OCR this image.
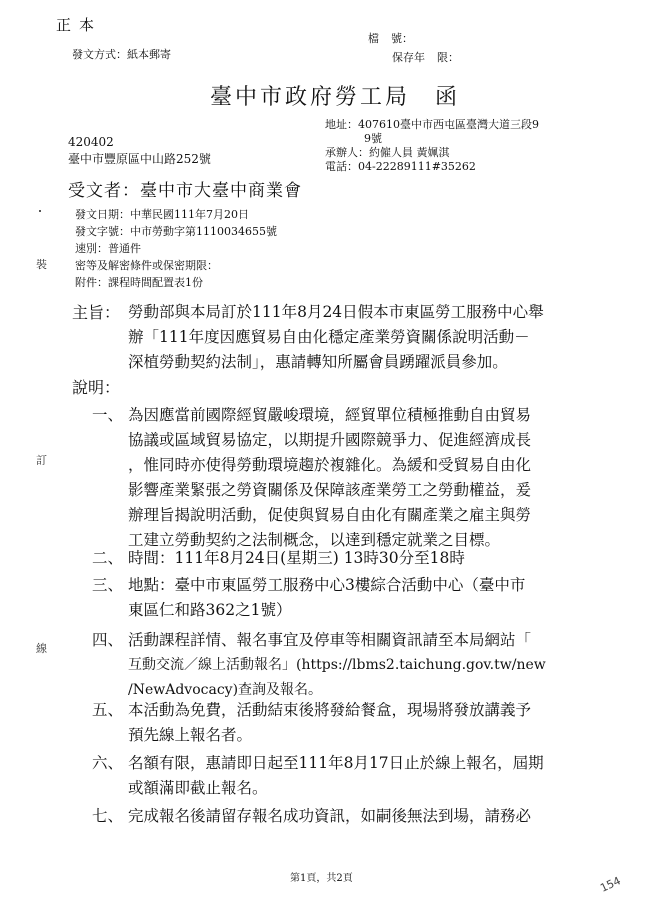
正本
發文方式：紙本郵寄
檔 號：
保存年 限：
臺中市政府勞工局　函
420402
臺中市豐原區中山路252號
地址：407610臺中市西屯區臺灣大道三段9
9號
承辦人：約僱人員 黃姵淇
電話：04-22289111#35262
受文者：臺中市大臺中商業會
發文日期：中華民國111年7月20日
發文字號：中市勞動字第1110034655號
速別：普通件
密等及解密條件或保密期限：
附件：課程時間配置表1份
裝
訂
線
主旨： 勞動部與本局訂於111年8月24日假本市東區勞工服務中心舉
辦「111年度因應貿易自由化穩定產業勞資關係說明活動－
深植勞動契約法制」，惠請轉知所屬會員踴躍派員參加。
說明：
一、 為因應當前國際經貿嚴峻環境，經貿單位積極推動自由貿易
協議或區域貿易協定，以期提升國際競爭力、促進經濟成長
，惟同時亦使得勞動環境趨於複雜化。為緩和受貿易自由化
影響產業緊張之勞資關係及保障該產業勞工之勞動權益，爰
辦理旨揭說明活動，促使與貿易自由化有關產業之雇主與勞
工建立勞動契約之法制概念，以達到穩定就業之目標。
二、 時間：111年8月24日(星期三) 13時30分至18時
三、 地點：臺中市東區勞工服務中心3樓綜合活動中心（臺中市
東區仁和路362之1號）
四、 活動課程詳情、報名事宜及停車等相關資訊請至本局網站「
互動交流／線上活動報名」(https://lbms2.taichung.gov.tw/new
/NewAdvocacy)查詢及報名。
五、 本活動為免費，活動結束後將發給餐盒，現場將發放講義予
預先線上報名者。
六、 名額有限，惠請即日起至111年8月17日止於線上報名，屆期
或額滿即截止報名。
七、 完成報名後請留存報名成功資訊，如嗣後無法到場，請務必
第1頁，共2頁	154
